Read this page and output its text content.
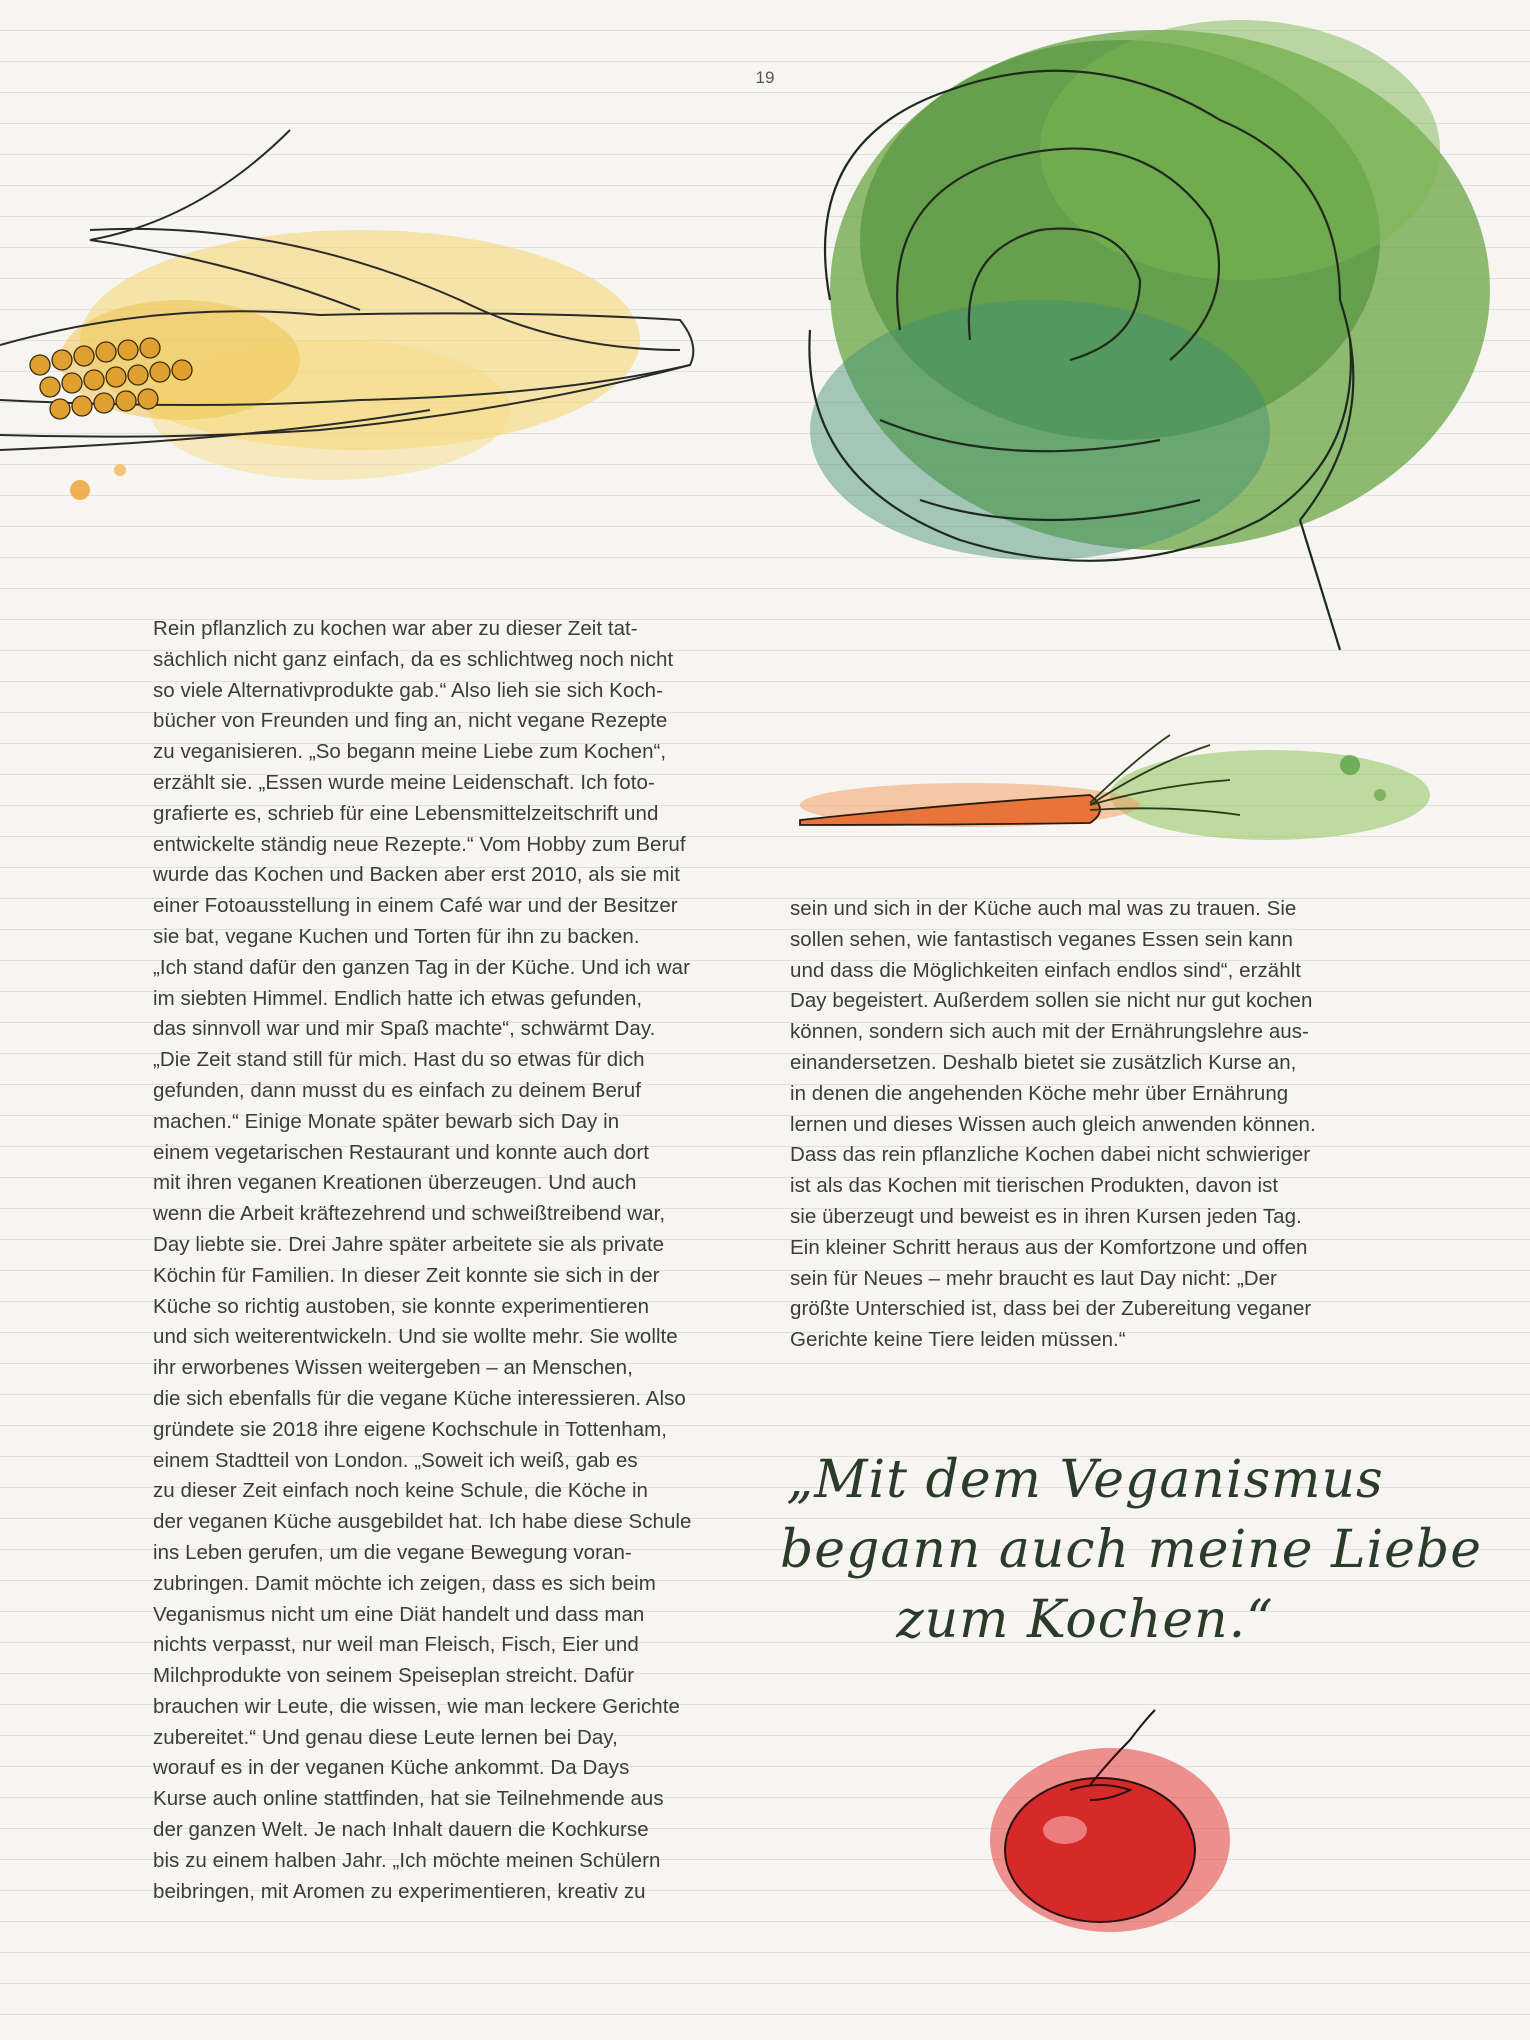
19
Rein pflanzlich zu kochen war aber zu dieser Zeit tat-
sächlich nicht ganz einfach, da es schlichtweg noch nicht
so viele Alternativprodukte gab.“ Also lieh sie sich Koch-
bücher von Freunden und fing an, nicht vegane Rezepte
zu veganisieren. „So begann meine Liebe zum Kochen“,
erzählt sie. „Essen wurde meine Leidenschaft. Ich foto-
grafierte es, schrieb für eine Lebensmittelzeitschrift und
entwickelte ständig neue Rezepte.“ Vom Hobby zum Beruf
wurde das Kochen und Backen aber erst 2010, als sie mit
einer Fotoausstellung in einem Café war und der Besitzer
sie bat, vegane Kuchen und Torten für ihn zu backen.
„Ich stand dafür den ganzen Tag in der Küche. Und ich war
im siebten Himmel. Endlich hatte ich etwas gefunden,
das sinnvoll war und mir Spaß machte“, schwärmt Day.
„Die Zeit stand still für mich. Hast du so etwas für dich
gefunden, dann musst du es einfach zu deinem Beruf
machen.“ Einige Monate später bewarb sich Day in
einem vegetarischen Restaurant und konnte auch dort
mit ihren veganen Kreationen überzeugen. Und auch
wenn die Arbeit kräftezehrend und schweißtreibend war,
Day liebte sie. Drei Jahre später arbeitete sie als private
Köchin für Familien. In dieser Zeit konnte sie sich in der
Küche so richtig austoben, sie konnte experimentieren
und sich weiterentwickeln. Und sie wollte mehr. Sie wollte
ihr erworbenes Wissen weitergeben – an Menschen,
die sich ebenfalls für die vegane Küche interessieren. Also
gründete sie 2018 ihre eigene Kochschule in Tottenham,
einem Stadtteil von London. „Soweit ich weiß, gab es
zu dieser Zeit einfach noch keine Schule, die Köche in
der veganen Küche ausgebildet hat. Ich habe diese Schule
ins Leben gerufen, um die vegane Bewegung voran-
zubringen. Damit möchte ich zeigen, dass es sich beim
Veganismus nicht um eine Diät handelt und dass man
nichts verpasst, nur weil man Fleisch, Fisch, Eier und
Milchprodukte von seinem Speiseplan streicht. Dafür
brauchen wir Leute, die wissen, wie man leckere Gerichte
zubereitet.“ Und genau diese Leute lernen bei Day,
worauf es in der veganen Küche ankommt. Da Days
Kurse auch online stattfinden, hat sie Teilnehmende aus
der ganzen Welt. Je nach Inhalt dauern die Kochkurse
bis zu einem halben Jahr. „Ich möchte meinen Schülern
beibringen, mit Aromen zu experimentieren, kreativ zu
sein und sich in der Küche auch mal was zu trauen. Sie
sollen sehen, wie fantastisch veganes Essen sein kann
und dass die Möglichkeiten einfach endlos sind“, erzählt
Day begeistert. Außerdem sollen sie nicht nur gut kochen
können, sondern sich auch mit der Ernährungslehre aus-
einandersetzen. Deshalb bietet sie zusätzlich Kurse an,
in denen die angehenden Köche mehr über Ernährung
lernen und dieses Wissen auch gleich anwenden können.
Dass das rein pflanzliche Kochen dabei nicht schwieriger
ist als das Kochen mit tierischen Produkten, davon ist
sie überzeugt und beweist es in ihren Kursen jeden Tag.
Ein kleiner Schritt heraus aus der Komfortzone und offen
sein für Neues – mehr braucht es laut Day nicht: „Der
größte Unterschied ist, dass bei der Zubereitung veganer
Gerichte keine Tiere leiden müssen.“
„Mit dem Veganismus
begann auch meine Liebe
zum Kochen.“
